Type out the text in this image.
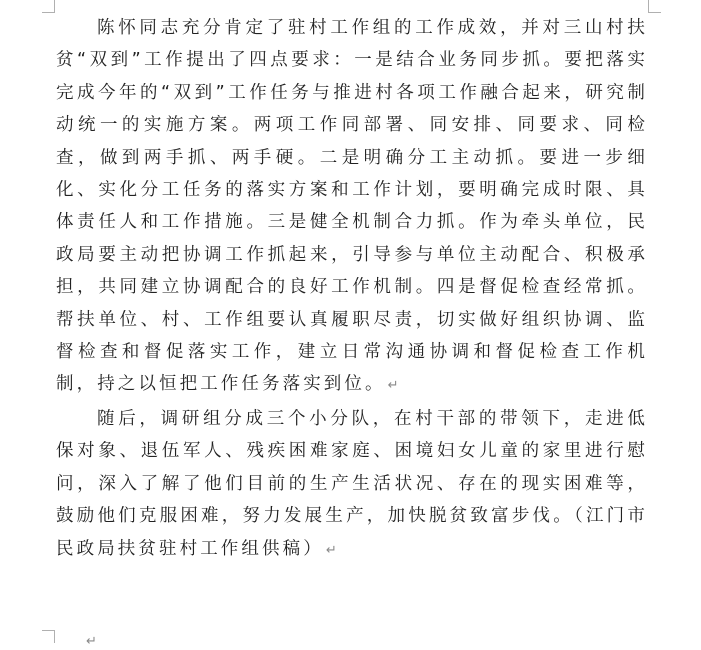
陈怀同志充分肯定了驻村工作组的工作成效，并对三山村扶贫“双到”工作提出了四点要求：一是结合业务同步抓。要把落实完成今年的“双到”工作任务与推进村各项工作融合起来，研究制动统一的实施方案。两项工作同部署、同安排、同要求、同检查，做到两手抓、两手硬。二是明确分工主动抓。要进一步细化、实化分工任务的落实方案和工作计划，要明确完成时限、具体责任人和工作措施。三是健全机制合力抓。作为牵头单位，民政局要主动把协调工作抓起来，引导参与单位主动配合、积极承担，共同建立协调配合的良好工作机制。四是督促检查经常抓。帮扶单位、村、工作组要认真履职尽责，切实做好组织协调、监督检查和督促落实工作，建立日常沟通协调和督促检查工作机制，持之以恒把工作任务落实到位。 ↵

随后，调研组分成三个小分队，在村干部的带领下，走进低保对象、退伍军人、残疾困难家庭、困境妇女儿童的家里进行慰问，深入了解了他们目前的生产生活状况、存在的现实困难等，鼓励他们克服困难，努力发展生产，加快脱贫致富步伐。（江门市民政局扶贫驻村工作组供稿） ↵

↵
